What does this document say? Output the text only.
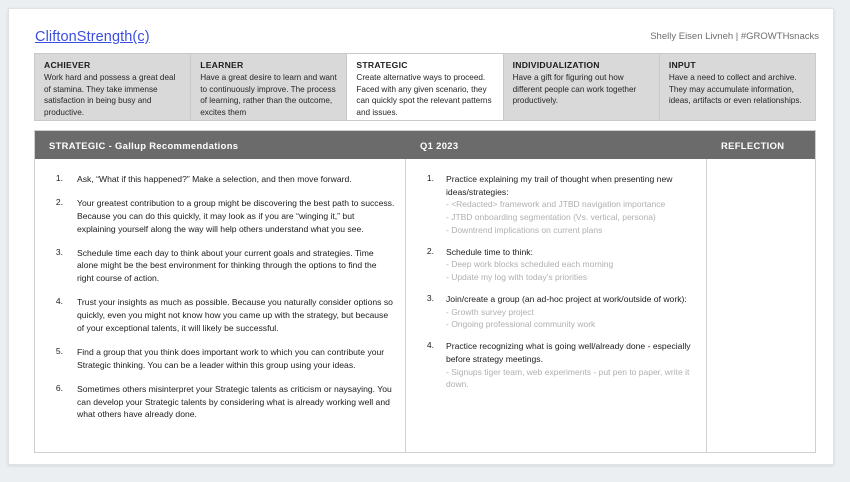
CliftonStrength(c)	Shelly Eisen Livneh | #GROWTHsnacks
ACHIEVER
Work hard and possess a great deal of stamina. They take immense satisfaction in being busy and productive.
LEARNER
Have a great desire to learn and want to continuously improve. The process of learning, rather than the outcome, excites them
STRATEGIC
Create alternative ways to proceed. Faced with any given scenario, they can quickly spot the relevant patterns and issues.
INDIVIDUALIZATION
Have a gift for figuring out how different people can work together productively.
INPUT
Have a need to collect and archive. They may accumulate information, ideas, artifacts or even relationships.
STRATEGIC - Gallup Recommendations	Q1 2023	REFLECTION
1.	Ask, “What if this happened?” Make a selection, and then move forward.
2.	Your greatest contribution to a group might be discovering the best path to success. Because you can do this quickly, it may look as if you are “winging it,” but explaining yourself along the way will help others understand what you see.
3.	Schedule time each day to think about your current goals and strategies. Time alone might be the best environment for thinking through the options to find the right course of action.
4.	Trust your insights as much as possible. Because you naturally consider options so quickly, even you might not know how you came up with the strategy, but because of your exceptional talents, it will likely be successful.
5.	Find a group that you think does important work to which you can contribute your Strategic thinking. You can be a leader within this group using your ideas.
6.	Sometimes others misinterpret your Strategic talents as criticism or naysaying. You can develop your Strategic talents by considering what is already working well and what others have already done.
1.	Practice explaining my trail of thought when presenting new ideas/strategies:
- <Redacted> framework and JTBD navigation importance
- JTBD onboarding segmentation (Vs. vertical, persona)
- Downtrend implications on current plans
2.	Schedule time to think:
- Deep work blocks scheduled each morning
- Update my log with today’s priorities
3.	Join/create a group (an ad-hoc project at work/outside of work):
- Growth survey project
- Ongoing professional community work
4.	Practice recognizing what is going well/already done - especially before strategy meetings.
- Signups tiger team, web experiments - put pen to paper, write it down.
